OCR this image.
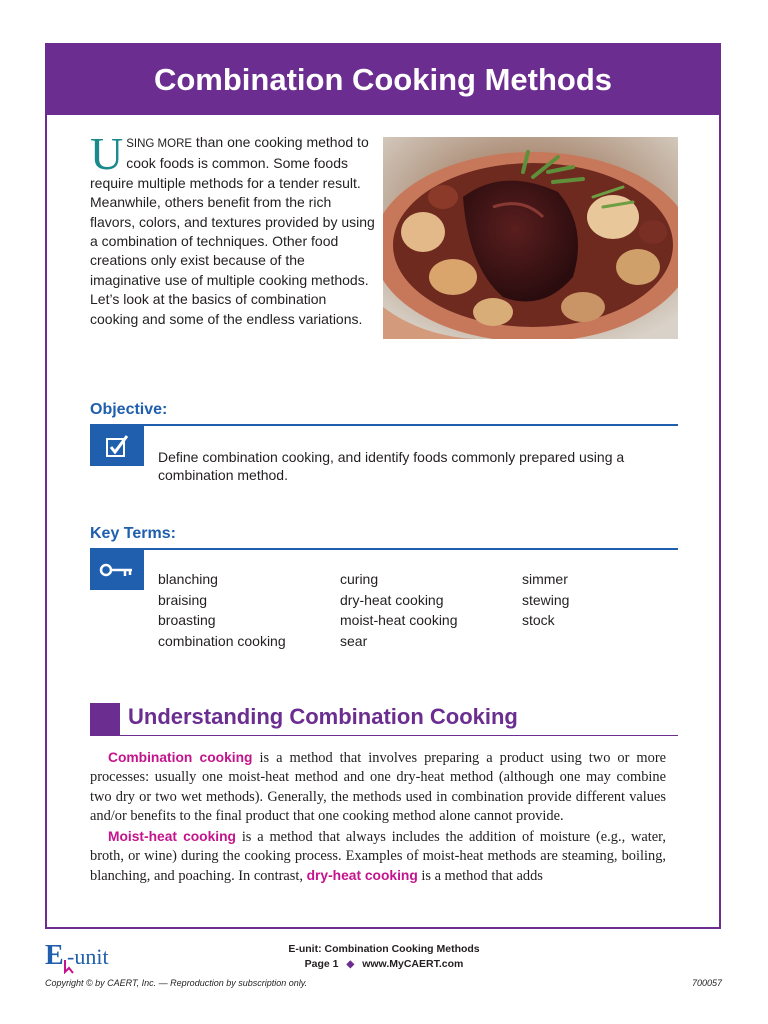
Combination Cooking Methods
USING MORE than one cooking method to cook foods is common. Some foods require multiple methods for a tender result. Meanwhile, others benefit from the rich flavors, colors, and textures provided by using a combination of techniques. Other food creations only exist because of the imaginative use of multiple cooking methods. Let’s look at the basics of combination cooking and some of the endless variations.
Objective:
Define combination cooking, and identify foods commonly prepared using a combination method.
Key Terms:
blanching
braising
broasting
combination cooking
curing
dry-heat cooking
moist-heat cooking
sear
simmer
stewing
stock
Understanding Combination Cooking

Combination cooking is a method that involves preparing a product using two or more processes: usually one moist-heat method and one dry-heat method (although one may combine two dry or two wet methods). Generally, the methods used in combination provide different values and/or benefits to the final product that one cooking method alone cannot provide.

Moist-heat cooking is a method that always includes the addition of moisture (e.g., water, broth, or wine) during the cooking process. Examples of moist-heat methods are steaming, boiling, blanching, and poaching. In contrast, dry-heat cooking is a method that adds

E -unit	E-unit: Combination Cooking Methods
Page 1 ◆ www.MyCAERT.com
Copyright © by CAERT, Inc. — Reproduction by subscription only.	700057
